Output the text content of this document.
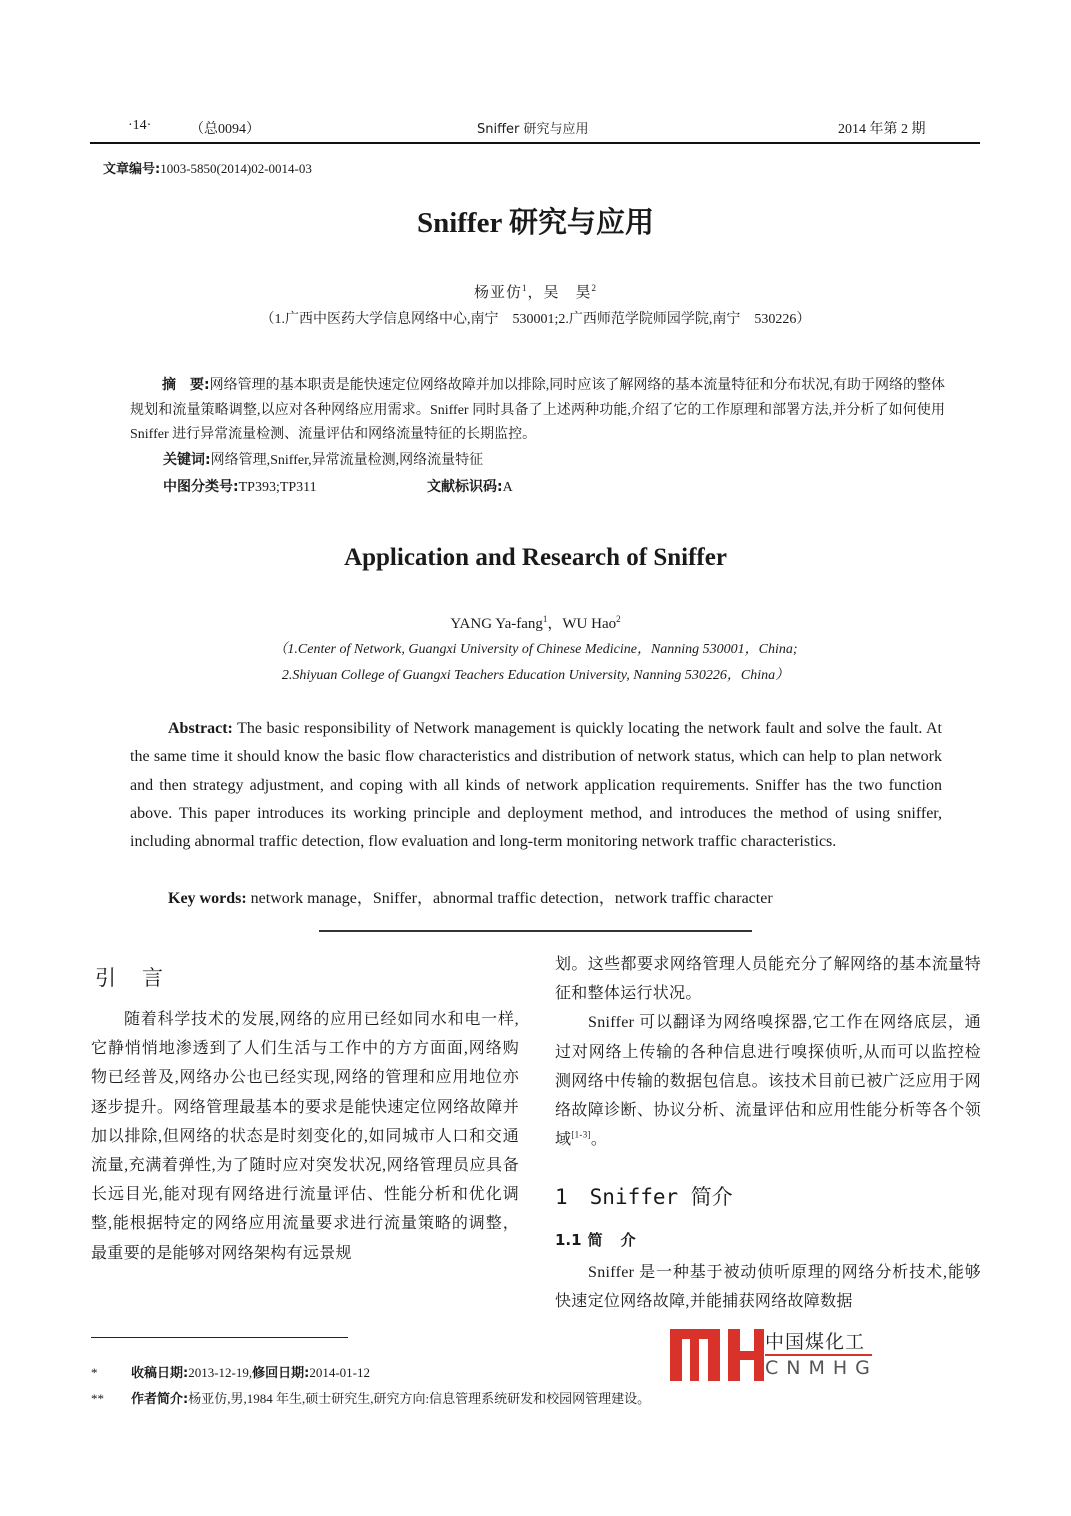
·14·	（总0094）	Sniffer 研究与应用	2014 年第 2 期
文章编号:1003-5850(2014)02-0014-03
Sniffer 研究与应用
杨亚仿$^1$，吴　昊$^2$
（1.广西中医药大学信息网络中心,南宁　530001;2.广西师范学院师园学院,南宁　530226）
摘　要:网络管理的基本职责是能快速定位网络故障并加以排除,同时应该了解网络的基本流量特征和分布状况,有助于网络的整体规划和流量策略调整,以应对各种网络应用需求。Sniffer 同时具备了上述两种功能,介绍了它的工作原理和部署方法,并分析了如何使用 Sniffer 进行异常流量检测、流量评估和网络流量特征的长期监控。
关键词:网络管理,Sniffer,异常流量检测,网络流量特征
中图分类号:TP393;TP311	文献标识码:A
Application and Research of Sniffer
YANG Ya-fang$^1$，WU Hao$^2$
（1.Center of Network, Guangxi University of Chinese Medicine，Nanning 530001，China;
2.Shiyuan College of Guangxi Teachers Education University, Nanning 530226，China）

Abstract: The basic responsibility of Network management is quickly locating the network fault and solve the fault. At the same time it should know the basic flow characteristics and distribution of network status, which can help to plan network and then strategy adjustment, and coping with all kinds of network application requirements. Sniffer has the two function above. This paper introduces its working principle and deployment method, and introduces the method of using sniffer, including abnormal traffic detection, flow evaluation and long-term monitoring network traffic characteristics.

Key words: network manage，Sniffer，abnormal traffic detection，network traffic character
引言

随着科学技术的发展,网络的应用已经如同水和电一样,它静悄悄地渗透到了人们生活与工作中的方方面面,网络购物已经普及,网络办公也已经实现,网络的管理和应用地位亦逐步提升。网络管理最基本的要求是能快速定位网络故障并加以排除,但网络的状态是时刻变化的,如同城市人口和交通流量,充满着弹性,为了随时应对突发状况,网络管理员应具备长远目光,能对现有网络进行流量评估、性能分析和优化调整,能根据特定的网络应用流量要求进行流量策略的调整，最重要的是能够对网络架构有远景规

划。这些都要求网络管理人员能充分了解网络的基本流量特征和整体运行状况。

Sniffer 可以翻译为网络嗅探器,它工作在网络底层，通过对网络上传输的各种信息进行嗅探侦听,从而可以监控检测网络中传输的数据包信息。该技术目前已被广泛应用于网络故障诊断、协议分析、流量评估和应用性能分析等各个领域[1-3]。

1 Sniffer 简介
1.1 简介

Sniffer 是一种基于被动侦听原理的网络分析技术,能够快速定位网络故障,并能捕获网络故障数据

*	收稿日期:2013-12-19,修回日期:2014-01-12
** 作者简介:杨亚仿,男,1984 年生,硕士研究生,研究方向:信息管理系统研发和校园网管理建设。
中国煤化工
CNMHG
